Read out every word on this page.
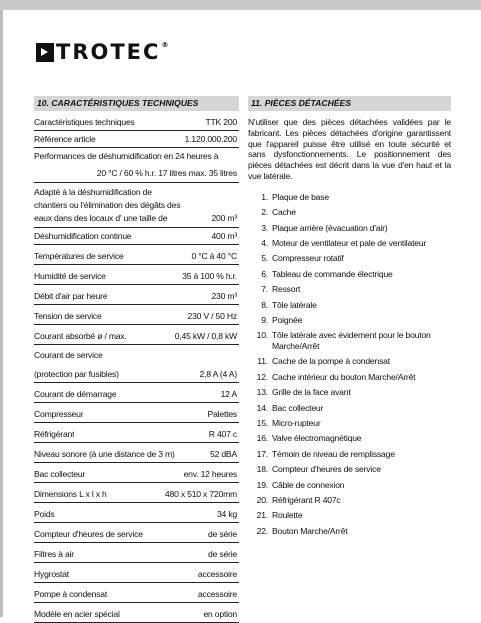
TROTEC®
10. CARACTÉRISTIQUES TECHNIQUES
Caractéristiques techniques	TTK 200
Référence article	1.120.000.200
Performances de déshumidification en 24 heures à
20 °C / 60 % h.r. 17 litres max. 35 litres
Adapté à la déshumidification de chantiers ou l'élimination des dégâts des eaux dans des locaux d' une taille de	200 m³
Déshumidification continue	400 m³
Températures de service	0 °C à 40 °C
Humidité de service	35 à 100 % h.r.
Débit d'air par heure	230 m³
Tension de service	230 V / 50 Hz
Courant absorbé ø / max.	0,45 kW / 0,8 kW
Courant de service
(protection par fusibles)	2,8 A (4 A)
Courant de démarrage	12 A
Compresseur	Palettes
Réfrigérant	R 407 c
Niveau sonore (à une distance de 3 m)	52 dBA
Bac collecteur	env. 12 heures
Dimensions L x l x h	480 x 510 x 720mm
Poids	34 kg
Compteur d'heures de service	de série
Filtres à air	de série
Hygrostat	accessoire
Pompe à condensat	accessoire
Modèle en acier spécial	en option
11. PIÈCES DÉTACHÉES
N'utiliser que des pièces détachées validées par le fabricant. Les pièces détachées d'origine garantissent que l'appareil puisse être utilisé en toute sécurité et sans dysfonctionnements. Le positionnement des pièces détachées est décrit dans la vue d'en haut et la vue latérale.
1. Plaque de base
2. Cache
3. Plaque arrière (évacuation d'air)
4. Moteur de ventilateur et pale de ventilateur
5. Compresseur rotatif
6. Tableau de commande électrique
7. Ressort
8. Tôle latérale
9. Poignée
10. Tôle latérale avec évidement pour le bouton Marche/Arrêt
11. Cache de la pompe à condensat
12. Cache intérieur du bouton Marche/Arrêt
13. Grille de la face avant
14. Bac collecteur
15. Micro-rupteur
16. Valve électromagnétique
17. Témoin de niveau de remplissage
18. Compteur d'heures de service
19. Câble de connexion
20. Réfrigérant R 407c
21. Roulette
22. Bouton Marche/Arrêt
